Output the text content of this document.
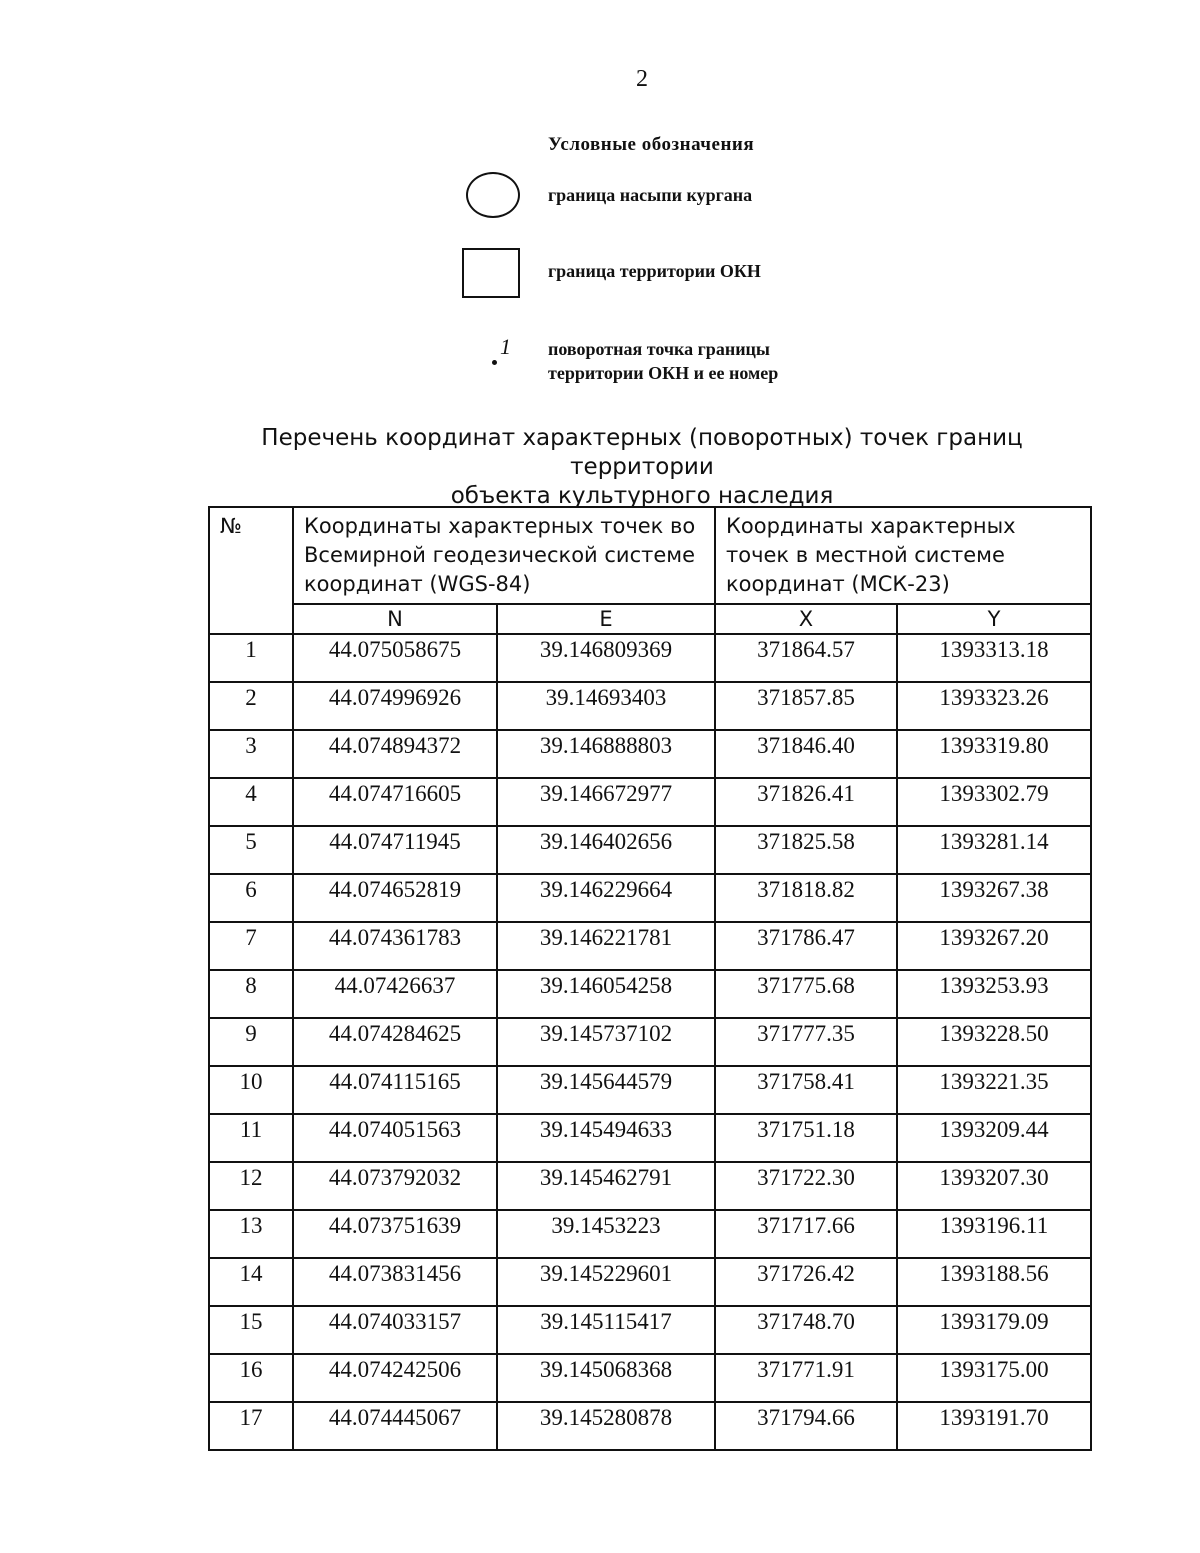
2
Условные обозначения
граница насыпи кургана
граница территории ОКН
1 поворотная точка границы
территории ОКН и ее номер
Перечень координат характерных (поворотных) точек границ территории
объекта культурного наследия
№	Координаты характерных точек во Всемирной геодезической системе координат (WGS-84)		Координаты характерных точек в местной системе координат (МСК-23)	
	N	E	X	Y
1	44.075058675	39.146809369	371864.57	1393313.18
2	44.074996926	39.14693403	371857.85	1393323.26
3	44.074894372	39.146888803	371846.40	1393319.80
4	44.074716605	39.146672977	371826.41	1393302.79
5	44.074711945	39.146402656	371825.58	1393281.14
6	44.074652819	39.146229664	371818.82	1393267.38
7	44.074361783	39.146221781	371786.47	1393267.20
8	44.07426637	39.146054258	371775.68	1393253.93
9	44.074284625	39.145737102	371777.35	1393228.50
10	44.074115165	39.145644579	371758.41	1393221.35
11	44.074051563	39.145494633	371751.18	1393209.44
12	44.073792032	39.145462791	371722.30	1393207.30
13	44.073751639	39.1453223	371717.66	1393196.11
14	44.073831456	39.145229601	371726.42	1393188.56
15	44.074033157	39.145115417	371748.70	1393179.09
16	44.074242506	39.145068368	371771.91	1393175.00
17	44.074445067	39.145280878	371794.66	1393191.70
